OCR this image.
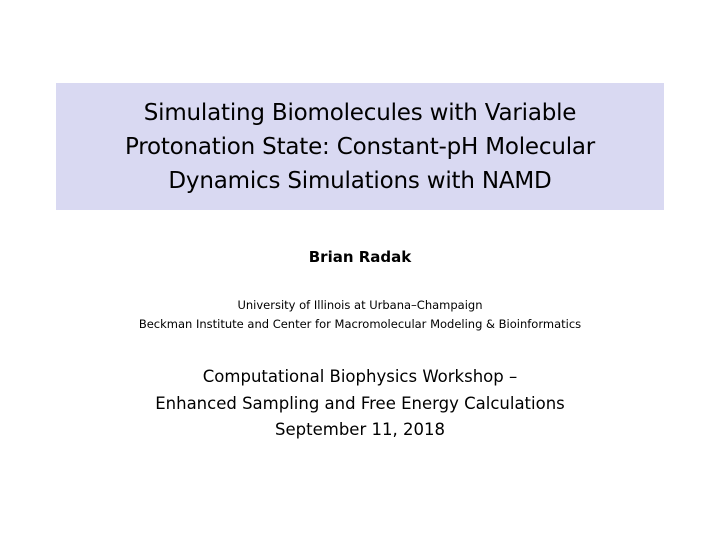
Simulating Biomolecules with Variable
Protonation State: Constant-pH Molecular
Dynamics Simulations with NAMD
Brian Radak
University of Illinois at Urbana–Champaign
Beckman Institute and Center for Macromolecular Modeling & Bioinformatics
Computational Biophysics Workshop –
Enhanced Sampling and Free Energy Calculations
September 11, 2018
